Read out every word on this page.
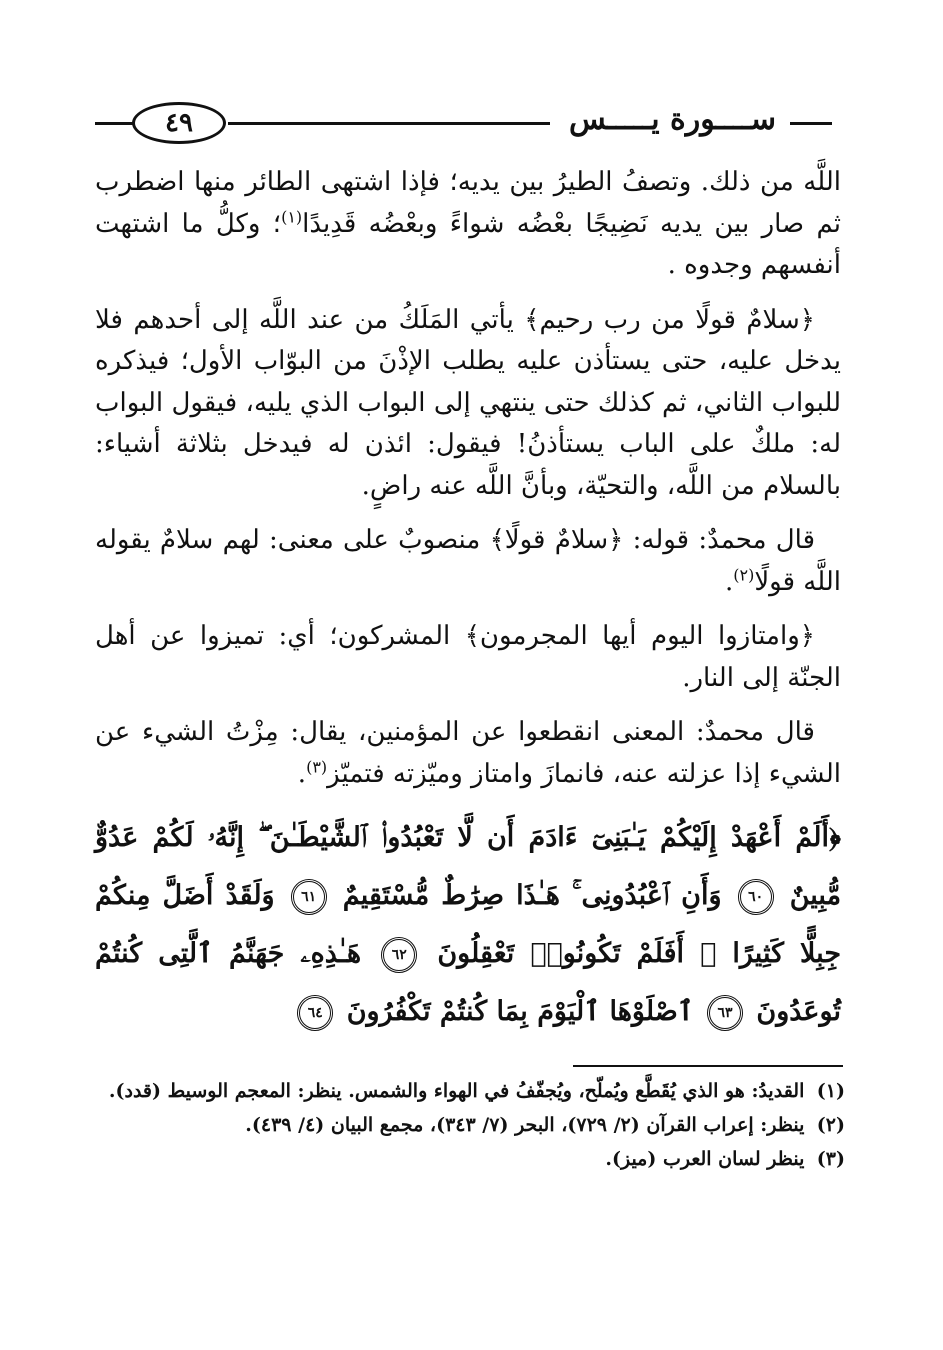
٤٩	ســــورة يـــــس

اللَّه من ذلك. وتصفُ الطيرُ بين يديه؛ فإذا اشتهى الطائر منها اضطرب ثم صار بين يديه نَضِيجًا بعْضُه شواءً وبعْضُه قَدِيدًا$^{(١)}$؛ وكلُّ ما اشتهت أنفسهم وجدوه .

﴿سلامٌ قولًا من رب رحيم﴾ يأتي المَلَكُ من عند اللَّه إلى أحدهم فلا يدخل عليه، حتى يستأذن عليه يطلب الإذْنَ من البوّاب الأول؛ فيذكره للبواب الثاني، ثم كذلك حتى ينتهي إلى البواب الذي يليه، فيقول البواب له: ملكٌ على الباب يستأذنُ! فيقول: ائذن له فيدخل بثلاثة أشياء: بالسلام من اللَّه، والتحيّة، وبأنَّ اللَّه عنه راضٍ.

قال محمدٌ: قوله: ﴿سلامٌ قولًا﴾ منصوبٌ على معنى: لهم سلامٌ يقوله اللَّه قولًا$^{(٢)}$.

﴿وامتازوا اليوم أيها المجرمون﴾ المشركون؛ أي: تميزوا عن أهل الجنّة إلى النار.

قال محمدٌ: المعنى انقطعوا عن المؤمنين، يقال: مِزْتُ الشيء عن الشيء إذا عزلته عنه، فانمازَ وامتاز وميّزته فتميّز$^{(٣)}$.

﴿أَلَمْ أَعْهَدْ إِلَيْكُمْ يَـٰبَنِىٓ ءَادَمَ أَن لَّا تَعْبُدُوا۟ ٱلشَّيْطَـٰنَ ۖ إِنَّهُۥ لَكُمْ عَدُوٌّ مُّبِينٌ ٦٠ وَأَنِ ٱعْبُدُونِى ۚ هَـٰذَا صِرَٰطٌ مُّسْتَقِيمٌ ٦١ وَلَقَدْ أَضَلَّ مِنكُمْ جِبِلًّا كَثِيرًا ۖ أَفَلَمْ تَكُونُوا۟ تَعْقِلُونَ ٦٢ هَـٰذِهِۦ جَهَنَّمُ ٱلَّتِى كُنتُمْ تُوعَدُونَ ٦٣ ٱصْلَوْهَا ٱلْيَوْمَ بِمَا كُنتُمْ تَكْفُرُونَ ٦٤

(١) القديدُ: هو الذي يُقَطَّع ويُملّح، ويُجفّفُ في الهواء والشمس. ينظر: المعجم الوسيط (قدد).

(٢) ينظر: إعراب القرآن (٢/ ٧٢٩)، البحر (٧/ ٣٤٣)، مجمع البيان (٤/ ٤٣٩).

(٣) ينظر لسان العرب (ميز).
